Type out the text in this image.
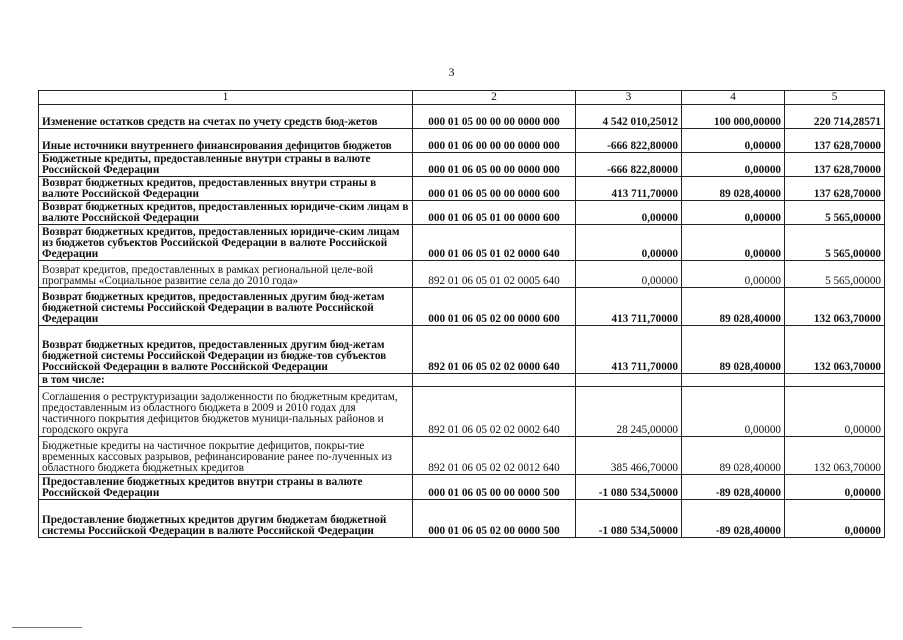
3
1	2	3	4	5
Изменение остатков средств на счетах по учету средств бюд-жетов	000 01 05 00 00 00 0000 000	4 542 010,25012	100 000,00000	220 714,28571
Иные источники внутреннего финансирования дефицитов бюджетов	000 01 06 00 00 00 0000 000	-666 822,80000	0,00000	137 628,70000
Бюджетные кредиты, предоставленные внутри страны в валюте Российской Федерации	000 01 06 05 00 00 0000 000	-666 822,80000	0,00000	137 628,70000
Возврат бюджетных кредитов, предоставленных внутри страны в валюте Российской Федерации	000 01 06 05 00 00 0000 600	413 711,70000	89 028,40000	137 628,70000
Возврат бюджетных кредитов, предоставленных юридиче-ским лицам в валюте Российской Федерации	000 01 06 05 01 00 0000 600	0,00000	0,00000	5 565,00000
Возврат бюджетных кредитов, предоставленных юридиче-ским лицам из бюджетов субъектов Российской Федерации в валюте Российской Федерации	000 01 06 05 01 02 0000 640	0,00000	0,00000	5 565,00000
Возврат кредитов, предоставленных в рамках региональной целе-вой программы «Социальное развитие села до 2010 года»	892 01 06 05 01 02 0005 640	0,00000	0,00000	5 565,00000
Возврат бюджетных кредитов, предоставленных другим бюд-жетам бюджетной системы Российской Федерации в валюте Российской Федерации	000 01 06 05 02 00 0000 600	413 711,70000	89 028,40000	132 063,70000
Возврат бюджетных кредитов, предоставленных другим бюд-жетам бюджетной системы Российской Федерации из бюдже-тов субъектов Российской Федерации в валюте Российской Федерации	892 01 06 05 02 02 0000 640	413 711,70000	89 028,40000	132 063,70000
в том числе:				
Соглашения о реструктуризации задолженности по бюджетным кредитам, предоставленным из областного бюджета в 2009 и 2010 годах для частичного покрытия дефицитов бюджетов муници-пальных районов и городского округа	892 01 06 05 02 02 0002 640	28 245,00000	0,00000	0,00000
Бюджетные кредиты на частичное покрытие дефицитов, покры-тие временных кассовых разрывов, рефинансирование ранее по-лученных из областного бюджета бюджетных кредитов	892 01 06 05 02 02 0012 640	385 466,70000	89 028,40000	132 063,70000
Предоставление бюджетных кредитов внутри страны в валюте Российской Федерации	000 01 06 05 00 00 0000 500	-1 080 534,50000	-89 028,40000	0,00000
Предоставление бюджетных кредитов другим бюджетам бюджетной системы Российской Федерации в валюте Российской Федерации	000 01 06 05 02 00 0000 500	-1 080 534,50000	-89 028,40000	0,00000
